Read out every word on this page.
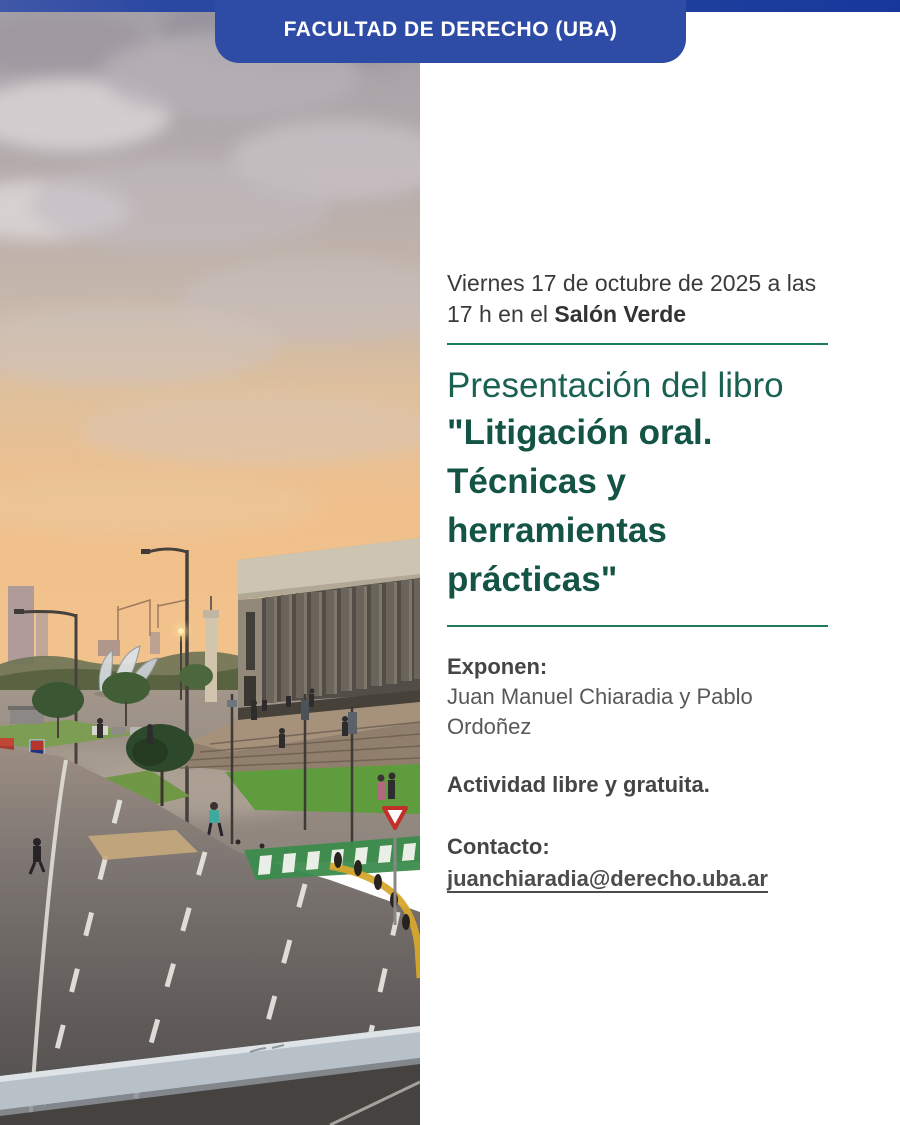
FACULTAD DE DERECHO (UBA)
Viernes 17 de octubre de 2025 a las
17 h en el Salón Verde
Presentación del libro
"Litigación oral.
Técnicas y
herramientas
prácticas"
Exponen:
Juan Manuel Chiaradia y Pablo Ordoñez
Actividad libre y gratuita.
Contacto:
juanchiaradia@derecho.uba.ar
